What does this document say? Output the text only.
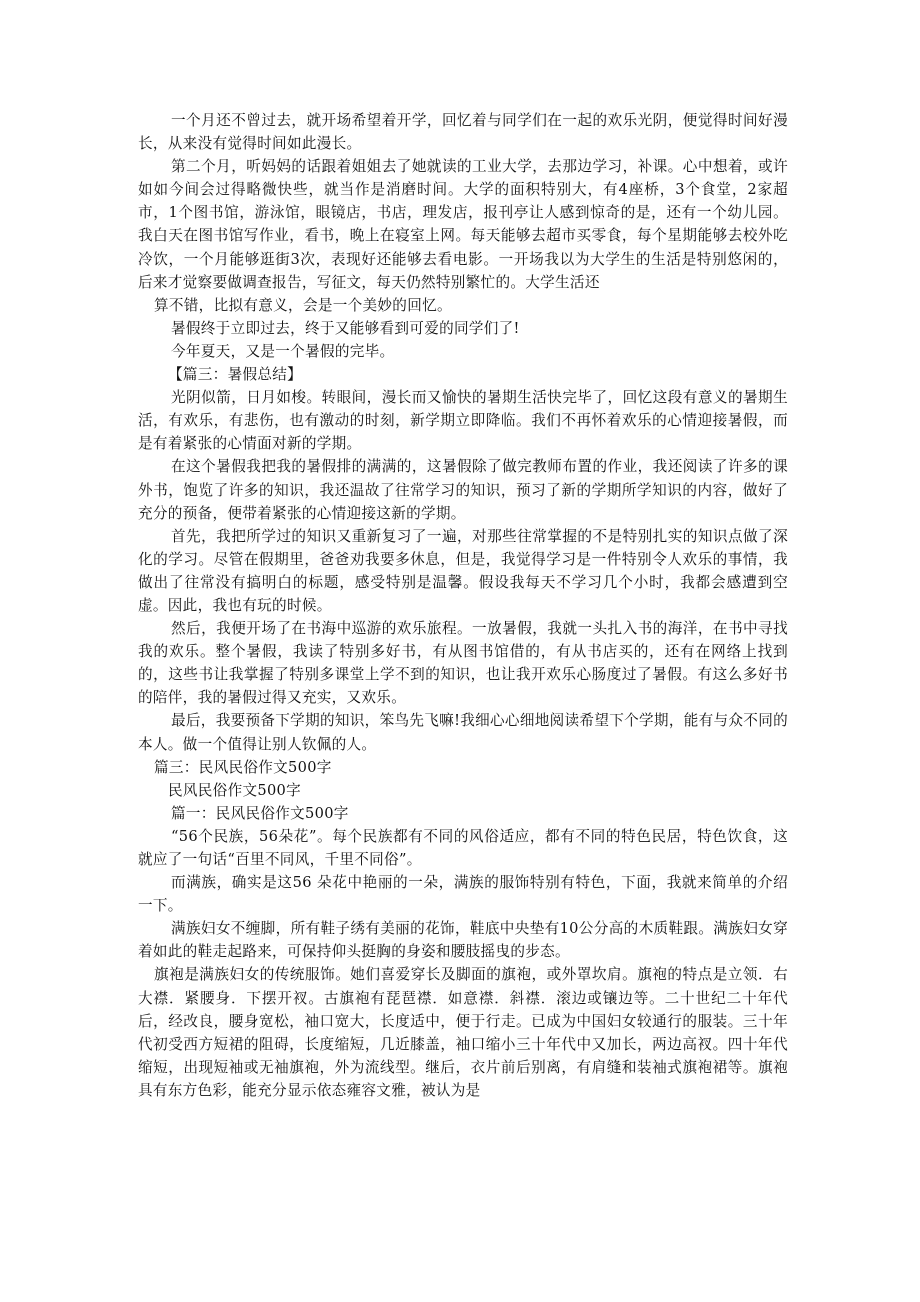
一个月还不曾过去，就开场希望着开学，回忆着与同学们在一起的欢乐光阴，便觉得时间好漫长，从来没有觉得时间如此漫长。

第二个月，听妈妈的话跟着姐姐去了她就读的工业大学，去那边学习，补课。心中想着，或许如如今间会过得略微快些，就当作是消磨时间。大学的面积特别大，有4座桥，3个食堂，2家超市，1个图书馆，游泳馆，眼镜店，书店，理发店，报刊亭让人感到惊奇的是，还有一个幼儿园。我白天在图书馆写作业，看书，晚上在寝室上网。每天能够去超市买零食，每个星期能够去校外吃冷饮，一个月能够逛街3次，表现好还能够去看电影。一开场我以为大学生的生活是特别悠闲的，后来才觉察要做调查报告，写征文，每天仍然特别繁忙的。大学生活还

算不错，比拟有意义，会是一个美妙的回忆。

暑假终于立即过去，终于又能够看到可爱的同学们了!

今年夏天，又是一个暑假的完毕。

【篇三：暑假总结】

光阴似箭，日月如梭。转眼间，漫长而又愉快的暑期生活快完毕了，回忆这段有意义的暑期生活，有欢乐，有悲伤，也有激动的时刻，新学期立即降临。我们不再怀着欢乐的心情迎接暑假，而是有着紧张的心情面对新的学期。

在这个暑假我把我的暑假排的满满的，这暑假除了做完教师布置的作业，我还阅读了许多的课外书，饱览了许多的知识，我还温故了往常学习的知识，预习了新的学期所学知识的内容，做好了充分的预备，便带着紧张的心情迎接这新的学期。

首先，我把所学过的知识又重新复习了一遍，对那些往常掌握的不是特别扎实的知识点做了深化的学习。尽管在假期里，爸爸劝我要多休息，但是，我觉得学习是一件特别令人欢乐的事情，我做出了往常没有搞明白的标题，感受特别是温馨。假设我每天不学习几个小时，我都会感遭到空虚。因此，我也有玩的时候。

然后，我便开场了在书海中巡游的欢乐旅程。一放暑假，我就一头扎入书的海洋，在书中寻找我的欢乐。整个暑假，我读了特别多好书，有从图书馆借的，有从书店买的，还有在网络上找到的，这些书让我掌握了特别多课堂上学不到的知识，也让我开欢乐心肠度过了暑假。有这么多好书的陪伴，我的暑假过得又充实，又欢乐。

最后，我要预备下学期的知识，笨鸟先飞嘛!我细心心细地阅读希望下个学期，能有与众不同的本人。做一个值得让别人钦佩的人。

篇三：民风民俗作文500字

民风民俗作文500字

篇一：民风民俗作文500字

“56个民族，56朵花”。每个民族都有不同的风俗适应，都有不同的特色民居，特色饮食，这就应了一句话“百里不同风，千里不同俗”。

而满族，确实是这56 朵花中艳丽的一朵，满族的服饰特别有特色，下面，我就来简单的介绍一下。

满族妇女不缠脚，所有鞋子绣有美丽的花饰，鞋底中央垫有10公分高的木质鞋跟。满族妇女穿着如此的鞋走起路来，可保持仰头挺胸的身姿和腰肢摇曳的步态。

旗袍是满族妇女的传统服饰。她们喜爱穿长及脚面的旗袍，或外罩坎肩。旗袍的特点是立领．右大襟．紧腰身．下摆开衩。古旗袍有琵琶襟．如意襟．斜襟．滚边或镶边等。二十世纪二十年代后，经改良，腰身宽松，袖口宽大，长度适中，便于行走。已成为中国妇女较通行的服装。三十年代初受西方短裙的阻碍，长度缩短，几近膝盖，袖口缩小三十年代中又加长，两边高衩。四十年代缩短，出现短袖或无袖旗袍，外为流线型。继后，衣片前后别离，有肩缝和装袖式旗袍裙等。旗袍具有东方色彩，能充分显示依态雍容文雅，被认为是
